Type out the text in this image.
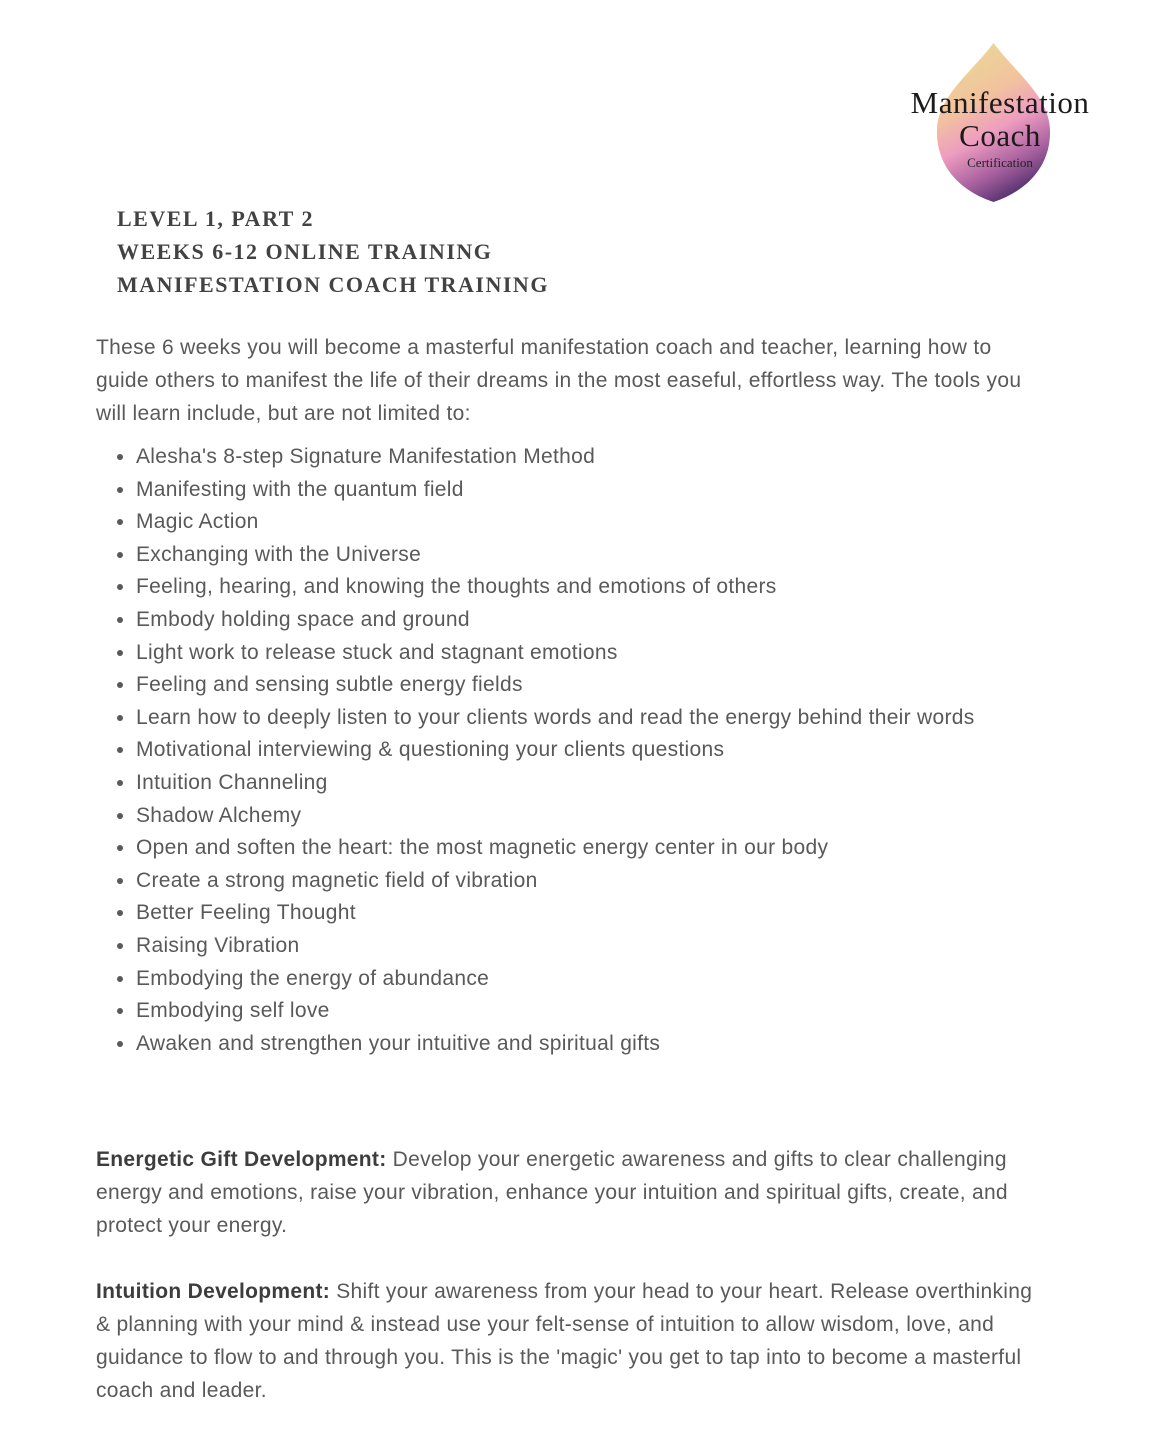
Manifestation
Coach
Certification
LEVEL 1, PART 2
WEEKS 6-12 ONLINE TRAINING
MANIFESTATION COACH TRAINING

These 6 weeks you will become a masterful manifestation coach and teacher, learning how to guide others to manifest the life of their dreams in the most easeful, effortless way. The tools you will learn include, but are not limited to:

• Alesha's 8-step Signature Manifestation Method
• Manifesting with the quantum field
• Magic Action
• Exchanging with the Universe
• Feeling, hearing, and knowing the thoughts and emotions of others
• Embody holding space and ground
• Light work to release stuck and stagnant emotions
• Feeling and sensing subtle energy fields
• Learn how to deeply listen to your clients words and read the energy behind their words
• Motivational interviewing & questioning your clients questions
• Intuition Channeling
• Shadow Alchemy
• Open and soften the heart: the most magnetic energy center in our body
• Create a strong magnetic field of vibration
• Better Feeling Thought
• Raising Vibration
• Embodying the energy of abundance
• Embodying self love
• Awaken and strengthen your intuitive and spiritual gifts

Energetic Gift Development: Develop your energetic awareness and gifts to clear challenging energy and emotions, raise your vibration, enhance your intuition and spiritual gifts, create, and protect your energy.

Intuition Development: Shift your awareness from your head to your heart. Release overthinking & planning with your mind & instead use your felt-sense of intuition to allow wisdom, love, and guidance to flow to and through you. This is the 'magic' you get to tap into to become a masterful coach and leader.
